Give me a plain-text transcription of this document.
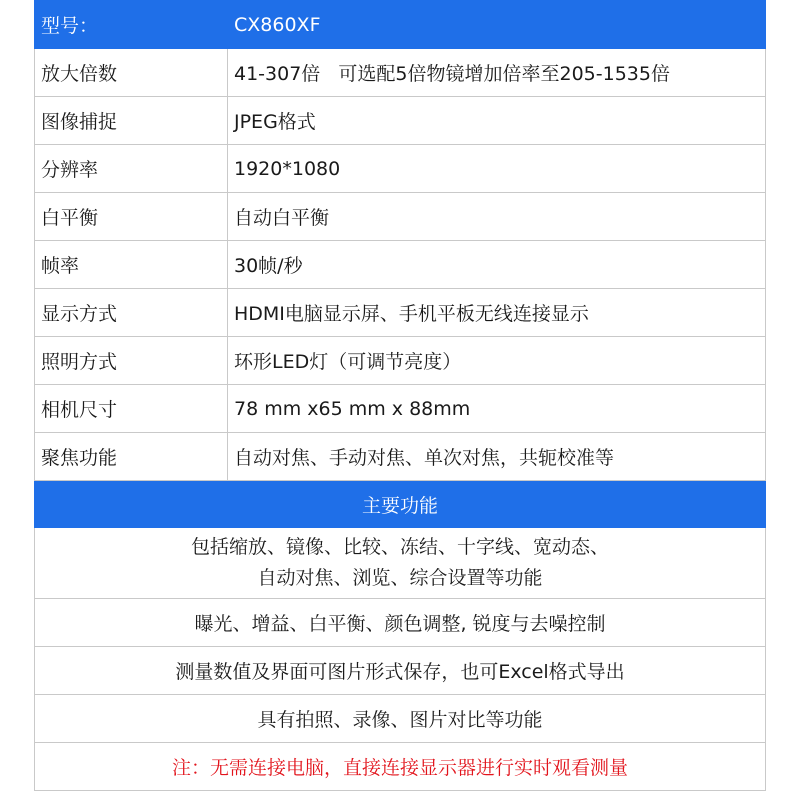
型号：	CX860XF
放大倍数	41-307倍   可选配5倍物镜增加倍率至205-1535倍
图像捕捉	JPEG格式
分辨率	1920*1080
白平衡	自动白平衡
帧率	30帧/秒
显示方式	HDMI电脑显示屏、手机平板无线连接显示
照明方式	环形LED灯（可调节亮度）
相机尺寸	78 mm x65 mm x 88mm
聚焦功能	自动对焦、手动对焦、单次对焦，共轭校准等
主要功能	

包括缩放、镜像、比较、冻结、十字线、宽动态、
自动对焦、浏览、综合设置等功能	

曝光、增益、白平衡、颜色调整, 锐度与去噪控制	
测量数值及界面可图片形式保存，也可Excel格式导出	
具有拍照、录像、图片对比等功能	
注：无需连接电脑，直接连接显示器进行实时观看测量	
